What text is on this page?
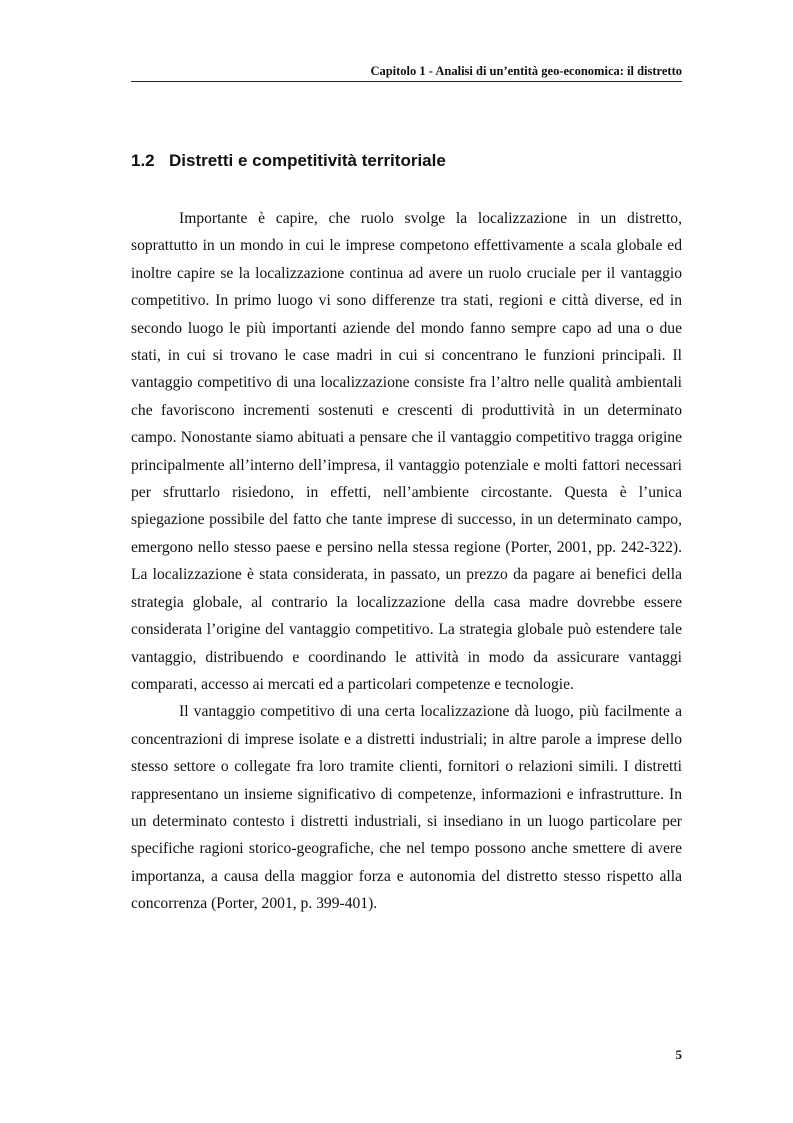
Capitolo 1 - Analisi di un’entità geo-economica: il distretto
1.2 Distretti e competitività territoriale

Importante è capire, che ruolo svolge la localizzazione in un distretto, soprattutto in un mondo in cui le imprese competono effettivamente a scala globale ed inoltre capire se la localizzazione continua ad avere un ruolo cruciale per il vantaggio competitivo. In primo luogo vi sono differenze tra stati, regioni e città diverse, ed in secondo luogo le più importanti aziende del mondo fanno sempre capo ad una o due stati, in cui si trovano le case madri in cui si concentrano le funzioni principali. Il vantaggio competitivo di una localizzazione consiste fra l’altro nelle qualità ambientali che favoriscono incrementi sostenuti e crescenti di produttività in un determinato campo. Nonostante siamo abituati a pensare che il vantaggio competitivo tragga origine principalmente all’interno dell’impresa, il vantaggio potenziale e molti fattori necessari per sfruttarlo risiedono, in effetti, nell’ambiente circostante. Questa è l’unica spiegazione possibile del fatto che tante imprese di successo, in un determinato campo, emergono nello stesso paese e persino nella stessa regione (Porter, 2001, pp. 242-322). La localizzazione è stata considerata, in passato, un prezzo da pagare ai benefici della strategia globale, al contrario la localizzazione della casa madre dovrebbe essere considerata l’origine del vantaggio competitivo. La strategia globale può estendere tale vantaggio, distribuendo e coordinando le attività in modo da assicurare vantaggi comparati, accesso ai mercati ed a particolari competenze e tecnologie.

Il vantaggio competitivo di una certa localizzazione dà luogo, più facilmente a concentrazioni di imprese isolate e a distretti industriali; in altre parole a imprese dello stesso settore o collegate fra loro tramite clienti, fornitori o relazioni simili. I distretti rappresentano un insieme significativo di competenze, informazioni e infrastrutture. In un determinato contesto i distretti industriali, si insediano in un luogo particolare per specifiche ragioni storico-geografiche, che nel tempo possono anche smettere di avere importanza, a causa della maggior forza e autonomia del distretto stesso rispetto alla concorrenza (Porter, 2001, p. 399-401).

5
